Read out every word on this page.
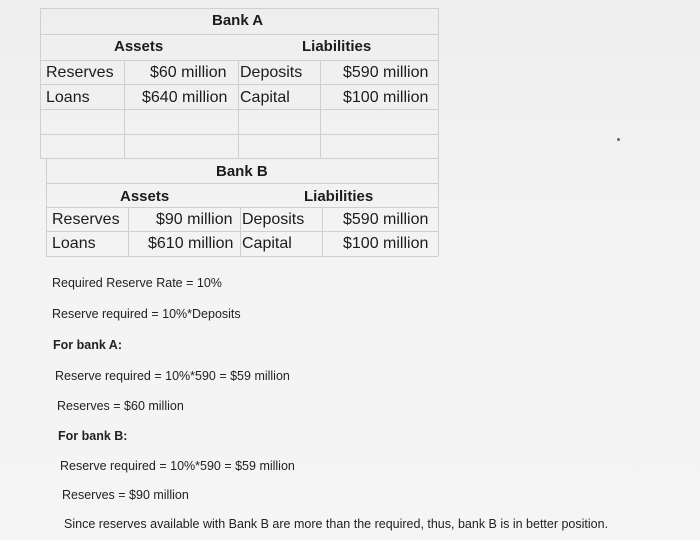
Bank A
Assets	Liabilities
Reserves $60 million Deposits	$590 million
Loans	$640 million Capital	$100 million
Bank B
Assets	Liabilities
Reserves $90 million Deposits $590 million
Loans	$610 million Capital	$100 million
Required Reserve Rate = 10%
Reserve required = 10%*Deposits
For bank A:
Reserve required = 10%*590 = $59 million
Reserves = $60 million
For bank B:
Reserve required = 10%*590 = $59 million
Reserves = $90 million
Since reserves available with Bank B are more than the required, thus, bank B is in better position.
